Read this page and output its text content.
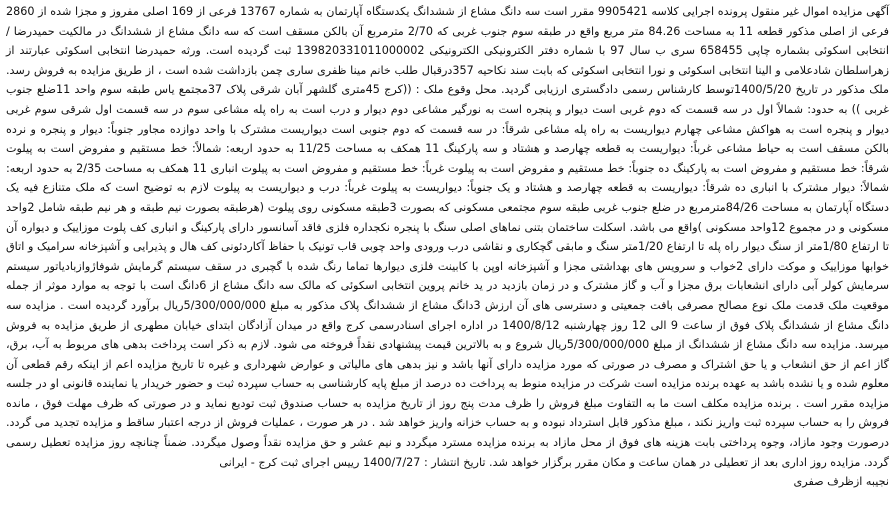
آگهی مزایده اموال غیر منقول پرونده اجرایی کلاسه 9905421 مقرر است سه دانگ مشاع از ششدانگ یکدستگاه آپارتمان به شماره 13767 فرعی از 169 اصلی مفروز و مجزا شده از 2860 فرعی از اصلی مذکور قطعه 11 به مساحت 84.26 متر مربع واقع در طبقه سوم جنوب غربی که 2/70 مترمربع آن بالکن مسقف است که سه دانگ مشاع از ششدانگ در مالکیت حمیدرضا / انتخابی اسکوئی بشماره چاپی 658455 سری ب سال 97 با شماره دفتر الکترونیکی الکترونیکی 139820331011000002 ثبت گردیده است. ورثه حمیدرضا انتخابی اسکوئی عبارتند از زهراسلطان شادعلامی و الینا انتخابی اسکوئی و نورا انتخابی اسکوئی که بابت سند نکاحیه 357درقبال طلب خانم مینا ظفری ساری چمن بازداشت شده است ، از طریق مزایده به فروش رسد. ملک مذکور در تاریخ 1400/5/20توسط کارشناس رسمی دادگستری ارزیابی گردید. محل وقوع ملک : ((کرج 45متری گلشهر آبان شرقی پلاک 37مجتمع یاس طبقه سوم واحد 11ضلع جنوب غربی )) به حدود: شمالاً اول در سه قسمت که دوم غربی است دیوار و پنجره است به نورگیر مشاعی دوم دیوار و درب است به راه پله مشاعی سوم در سه قسمت اول شرقی سوم غربی دیوار و پنجره است به هواکش مشاعی چهارم دیواریست به راه پله مشاعی شرقاً: در سه قسمت که دوم جنوبی است دیواریست مشترک با واحد دوازده مجاور جنوباً: دیوار و پنجره و نرده بالکن مسقف است به حیاط مشاعی غرباً: دیواریست به قطعه چهارصد و هشتاد و سه پارکینگ 11 همکف به مساحت 11/25 به حدود اربعه: شمالاً: خط مستقیم و مفروض است به پیلوت شرقاً: خط مستقیم و مفروض است به پارکینگ ده جنوباً: خط مستقیم و مفروض است به پیلوت غرباً: خط مستقیم و مفروض است به پیلوت انباری 11 همکف به مساحت 2/35 به حدود اربعه: شمالاً: دیوار مشترک با انباری ده شرقاً: دیواریست به قطعه چهارصد و هشتاد و یک جنوباً: دیواریست به پیلوت غرباً: درب و دیواریست به پیلوت لازم به توضیح است که ملک متنازع فیه یک دستگاه آپارتمان به مساحت 84/26مترمربع در ضلع جنوب غربی طبقه سوم مجتمعی مسکونی که بصورت 3طبقه مسکونی روی پیلوت (هرطبقه بصورت نیم طبقه و هر نیم طبقه شامل 2واحد مسکونی و در مجموع 12واحد مسکونی )واقع می باشد. اسکلت ساختمان بتنی نماهای اصلی سنگ با پنجره نکجداره فلزی فاقد آسانسور دارای پارکینگ و انباری کف پلوت موزاییک و دیواره آن تا ارتفاع 1/80متر از سنگ دیوار راه پله تا ارتفاع 1/20متر سنگ و مابقی گچکاری و نقاشی درب ورودی واحد چوبی قاب تونیک با حفاظ آکاردئونی کف هال و پذیرایی و آشپزخانه سرامیک و اتاق خوابها موزاییک و موکت دارای 2خواب و سرویس های بهداشتی مجزا و آشپزخانه اوپن با کابینت فلزی دیوارها تماما رنگ شده با گچبری در سقف سیستم گرمایش شوفاژوازبادیاتور سیستم سرمایش کولر آبی دارای انشعابات برق مجزا و آب و گاز مشترک و در زمان بازدید در ید خانم پروین انتخابی اسکوئی که مالک سه دانگ مشاع از 6دانگ است با توجه به موارد موثر از جمله موقعیت ملک قدمت ملک نوع مصالح مصرفی بافت جمعیتی و دسترسی های آن ارزش 3دانگ مشاع از ششدانگ پلاک مذکور به مبلغ 5/300/000/000ریال برآورد گردیده است . مزایده سه دانگ مشاع از ششدانگ پلاک فوق از ساعت 9 الی 12 روز چهارشنبه 1400/8/12 در اداره اجرای اسنادرسمی کرج واقع در میدان آزادگان ابتدای خیابان مطهری از طریق مزایده به فروش میرسد. مزایده سه دانگ مشاع از ششدانگ از مبلغ 5/300/000/000ریال شروع و به بالاترین قیمت پیشنهادی نقداً فروخته می شود. لازم به ذکر است پرداخت بدهی های مربوط به آب، برق، گاز اعم از حق انشعاب و یا حق اشتراک و مصرف در صورتی که مورد مزایده دارای آنها باشد و نیز بدهی های مالیاتی و عوارض شهرداری و غیره تا تاریخ مزایده اعم از اینکه رقم قطعی آن معلوم شده و یا نشده باشد به عهده برنده مزایده است شرکت در مزایده منوط به پرداخت ده درصد از مبلغ پایه کارشناسی به حساب سپرده ثبت و حضور خریدار یا نماینده قانونی او در جلسه مزایده مقرر است . برنده مزایده مکلف است ما به التفاوت مبلغ فروش را ظرف مدت پنج روز از تاریخ مزایده به حساب صندوق ثبت تودیع نماید و در صورتی که ظرف مهلت فوق ، مانده فروش را به حساب سپرده ثبت واریز نکند ، مبلغ مذکور قابل استرداد نبوده و به حساب خزانه واریز خواهد شد . در هر صورت ، عملیات فروش از درجه اعتبار ساقط و مزایده تجدید می گردد. درصورت وجود مازاد، وجوه پرداختی بابت هزینه های فوق از محل مازاد به برنده مزایده مسترد میگردد و نیم عشر و حق مزایده نقداً وصول میگردد. ضمناً چنانچه روز مزایده تعطیل رسمی گردد. مزایده روز اداری بعد از تعطیلی در همان ساعت و مکان مقرر برگزار خواهد شد. تاریخ انتشار : 1400/7/27 رییس اجرای ثبت کرج - ایرانی

نجیبه ازظرف صفری
